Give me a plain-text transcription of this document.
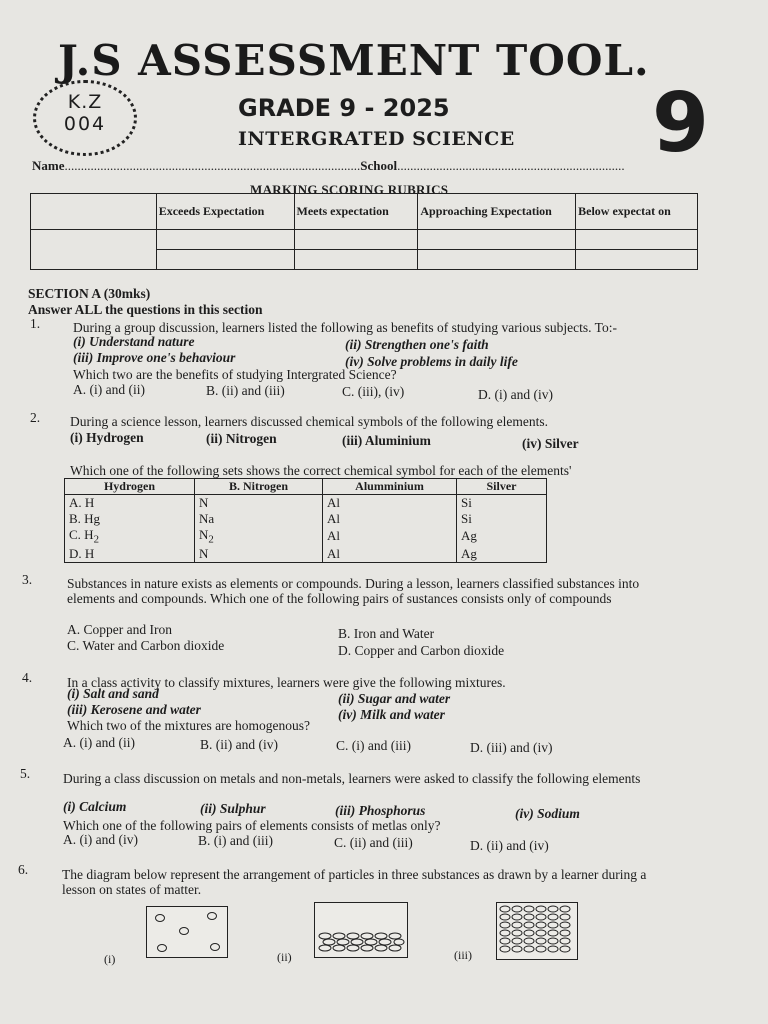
J.S ASSESSMENT TOOL.
K.Z
004
GRADE 9 - 2025
INTERGRATED SCIENCE 9
Name...........................................................................................School......................................................................
MARKING SCORING RUBRICS
	Exceeds Expectation	Meets expectation	Approaching Expectation	Below expectat on

SECTION A (30mks)
Answer ALL the questions in this section
1. During a group discussion, learners listed the following as benefits of studying various subjects. To:-
(i) Understand nature	(ii) Strengthen one's faith
(iii) Improve one's behaviour	(iv) Solve problems in daily life
Which two are the benefits of studying Intergrated Science?
A. (i) and (ii)	B. (ii) and (iii)	C. (iii), (iv)	D. (i) and (iv)
2. During a science lesson, learners discussed chemical symbols of the following elements.
(i) Hydrogen	(ii) Nitrogen	(iii) Aluminium	(iv) Silver
Which one of the following sets shows the correct chemical symbol for each of the elements'
Hydrogen	B. Nitrogen	Alumminium	Silver
A. H	N	Al	Si
B. Hg	Na	Al	Si
C. $H_2$	$N_2$	Al	Ag
D. H	N	Al	Ag
3.	Substances in nature exists as elements or compounds. During a lesson, learners classified substances into elements and compounds. Which one of the following pairs of sustances consists only of compounds
A. Copper and Iron	B. Iron and Water
C. Water and Carbon dioxide	D. Copper and Carbon dioxide
4.	In a class activity to classify mixtures, learners were give the following mixtures.
(i) Salt and sand	(ii) Sugar and water
(iii) Kerosene and water	(iv) Milk and water
Which two of the mixtures are homogenous?
A. (i) and (ii)	B. (ii) and (iv)	C. (i) and (iii)	D. (iii) and (iv)
5. During a class discussion on metals and non-metals, learners were asked to classify the following elements
(i) Calcium	(ii) Sulphur	(iii) Phosphorus	(iv) Sodium
Which one of the following pairs of elements consists of metlas only?
A. (i) and (iv)	B. (i) and (iii)	C. (ii) and (iii)	D. (ii) and (iv)
6.	The diagram below represent the arrangement of particles in three substances as drawn by a learner during a lesson on states of matter.
(i)	(ii)	(iii)
